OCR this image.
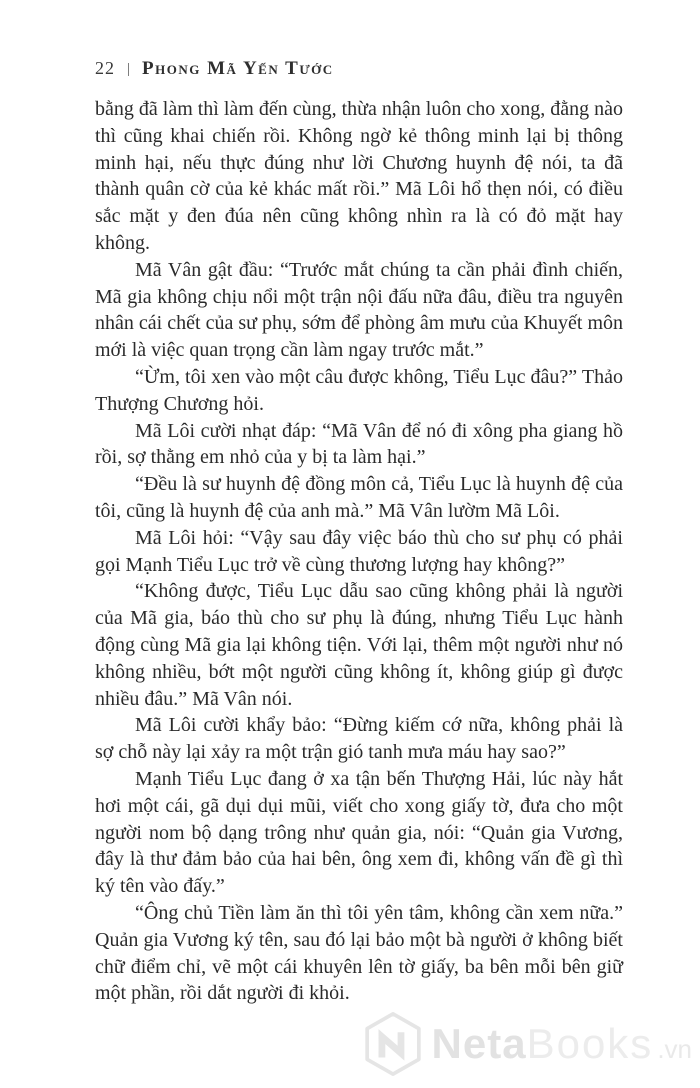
22 | Phong Mã Yến Tước

bằng đã làm thì làm đến cùng, thừa nhận luôn cho xong, đằng nào thì cũng khai chiến rồi. Không ngờ kẻ thông minh lại bị thông minh hại, nếu thực đúng như lời Chương huynh đệ nói, ta đã thành quân cờ của kẻ khác mất rồi.” Mã Lôi hổ thẹn nói, có điều sắc mặt y đen đúa nên cũng không nhìn ra là có đỏ mặt hay không.

Mã Vân gật đầu: “Trước mắt chúng ta cần phải đình chiến, Mã gia không chịu nổi một trận nội đấu nữa đâu, điều tra nguyên nhân cái chết của sư phụ, sớm để phòng âm mưu của Khuyết môn mới là việc quan trọng cần làm ngay trước mắt.”

“Ừm, tôi xen vào một câu được không, Tiểu Lục đâu?” Thảo Thượng Chương hỏi.

Mã Lôi cười nhạt đáp: “Mã Vân để nó đi xông pha giang hồ rồi, sợ thằng em nhỏ của y bị ta làm hại.”

“Đều là sư huynh đệ đồng môn cả, Tiểu Lục là huynh đệ của tôi, cũng là huynh đệ của anh mà.” Mã Vân lườm Mã Lôi.

Mã Lôi hỏi: “Vậy sau đây việc báo thù cho sư phụ có phải gọi Mạnh Tiểu Lục trở về cùng thương lượng hay không?”

“Không được, Tiểu Lục dẫu sao cũng không phải là người của Mã gia, báo thù cho sư phụ là đúng, nhưng Tiểu Lục hành động cùng Mã gia lại không tiện. Với lại, thêm một người như nó không nhiều, bớt một người cũng không ít, không giúp gì được nhiều đâu.” Mã Vân nói.

Mã Lôi cười khẩy bảo: “Đừng kiếm cớ nữa, không phải là sợ chỗ này lại xảy ra một trận gió tanh mưa máu hay sao?”

Mạnh Tiểu Lục đang ở xa tận bến Thượng Hải, lúc này hắt hơi một cái, gã dụi dụi mũi, viết cho xong giấy tờ, đưa cho một người nom bộ dạng trông như quản gia, nói: “Quản gia Vương, đây là thư đảm bảo của hai bên, ông xem đi, không vấn đề gì thì ký tên vào đấy.”

“Ông chủ Tiền làm ăn thì tôi yên tâm, không cần xem nữa.” Quản gia Vương ký tên, sau đó lại bảo một bà người ở không biết chữ điểm chỉ, vẽ một cái khuyên lên tờ giấy, ba bên mỗi bên giữ một phần, rồi dắt người đi khỏi.

Neta Books .vn
